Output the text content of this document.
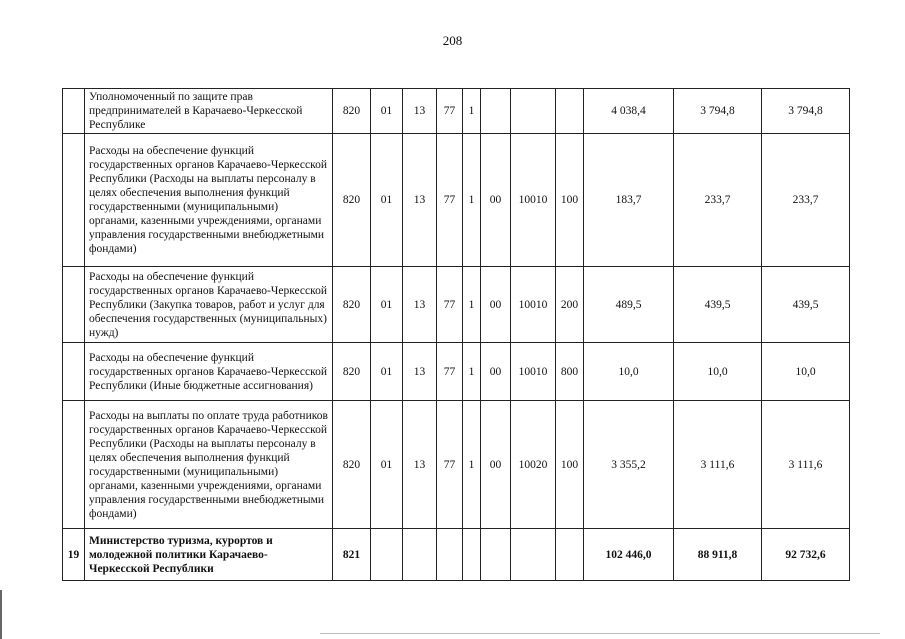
208
	Уполномоченный по защите прав предпринимателей в Карачаево-Черкесской Республике	820	01	13	77	1				4 038,4	3 794,8	3 794,8
	Расходы на обеспечение функций государственных органов Карачаево-Черкесской Республики (Расходы на выплаты персоналу в целях обеспечения выполнения функций государственными (муниципальными) органами, казенными учреждениями, органами управления государственными внебюджетными фондами)	820	01	13	77	1	00	10010	100	183,7	233,7	233,7
	Расходы на обеспечение функций государственных органов Карачаево-Черкесской Республики (Закупка товаров, работ и услуг для обеспечения государственных (муниципальных) нужд)	820	01	13	77	1	00	10010	200	489,5	439,5	439,5
	Расходы на обеспечение функций государственных органов Карачаево-Черкесской Республики (Иные бюджетные ассигнования)	820	01	13	77	1	00	10010	800	10,0	10,0	10,0
	Расходы на выплаты по оплате труда работников государственных органов Карачаево-Черкесской Республики (Расходы на выплаты персоналу в целях обеспечения выполнения функций государственными (муниципальными) органами, казенными учреждениями, органами управления государственными внебюджетными фондами)	820	01	13	77	1	00	10020	100	3 355,2	3 111,6	3 111,6
19	Министерство туризма, курортов и молодежной политики Карачаево-Черкесской Республики	821								102 446,0	88 911,8	92 732,6
